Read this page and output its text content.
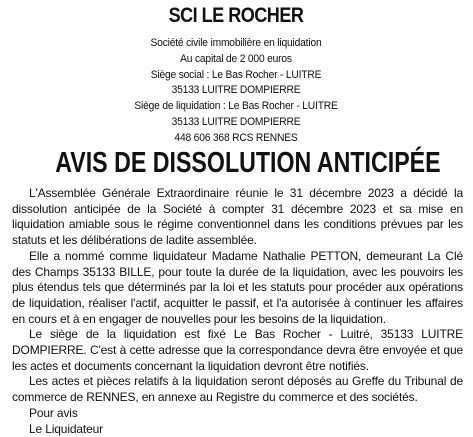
SCI LE ROCHER
Société civile immobilière en liquidation
Au capital de 2 000 euros
Siège social : Le Bas Rocher - LUITRE
35133 LUITRE DOMPIERRE
Siège de liquidation : Le Bas Rocher - LUITRE
35133 LUITRE DOMPIERRE
448 606 368 RCS RENNES
AVIS DE DISSOLUTION ANTICIPÉE

L'Assemblée Générale Extraordinaire réunie le 31 décembre 2023 a décidé la dissolution anticipée de la Société à compter 31 décembre 2023 et sa mise en liquidation amiable sous le régime conventionnel dans les conditions prévues par les statuts et les délibérations de ladite assemblée.

Elle a nommé comme liquidateur Madame Nathalie PETTON, demeurant La Clé des Champs 35133 BILLE, pour toute la durée de la liquidation, avec les pouvoirs les plus étendus tels que déterminés par la loi et les statuts pour procéder aux opérations de liquidation, réaliser l'actif, acquitter le passif, et l'a autorisée à continuer les affaires en cours et à en engager de nouvelles pour les besoins de la liquidation.

Le siège de la liquidation est fixé Le Bas Rocher - Luitré, 35133 LUITRE DOMPIERRE. C'est à cette adresse que la correspondance devra être envoyée et que les actes et documents concernant la liquidation devront être notifiés.

Les actes et pièces relatifs à la liquidation seront déposés au Greffe du Tribunal de commerce de RENNES, en annexe au Registre du commerce et des sociétés.

Pour avis
Le Liquidateur
